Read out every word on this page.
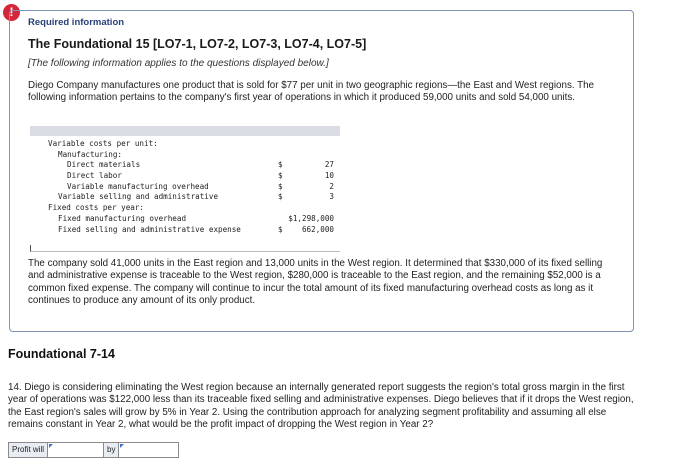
!
Required information
The Foundational 15 [LO7-1, LO7-2, LO7-3, LO7-4, LO7-5]
[The following information applies to the questions displayed below.]
Diego Company manufactures one product that is sold for $77 per unit in two geographic regions—the East and West regions. The following information pertains to the company's first year of operations in which it produced 59,000 units and sold 54,000 units.
Variable costs per unit:
Manufacturing:
Direct materials	$	27
Direct labor	$	10
Variable manufacturing overhead	$	2
Variable selling and administrative	$	3
Fixed costs per year:
Fixed manufacturing overhead	$1,298,000
Fixed selling and administrative expense	$	662,000
The company sold 41,000 units in the East region and 13,000 units in the West region. It determined that $330,000 of its fixed selling and administrative expense is traceable to the West region, $280,000 is traceable to the East region, and the remaining $52,000 is a common fixed expense. The company will continue to incur the total amount of its fixed manufacturing overhead costs as long as it continues to produce any amount of its only product.
Foundational 7-14
14. Diego is considering eliminating the West region because an internally generated report suggests the region's total gross margin in the first year of operations was $122,000 less than its traceable fixed selling and administrative expenses. Diego believes that if it drops the West region, the East region's sales will grow by 5% in Year 2. Using the contribution approach for analyzing segment profitability and assuming all else remains constant in Year 2, what would be the profit impact of dropping the West region in Year 2?
Profit will	by
